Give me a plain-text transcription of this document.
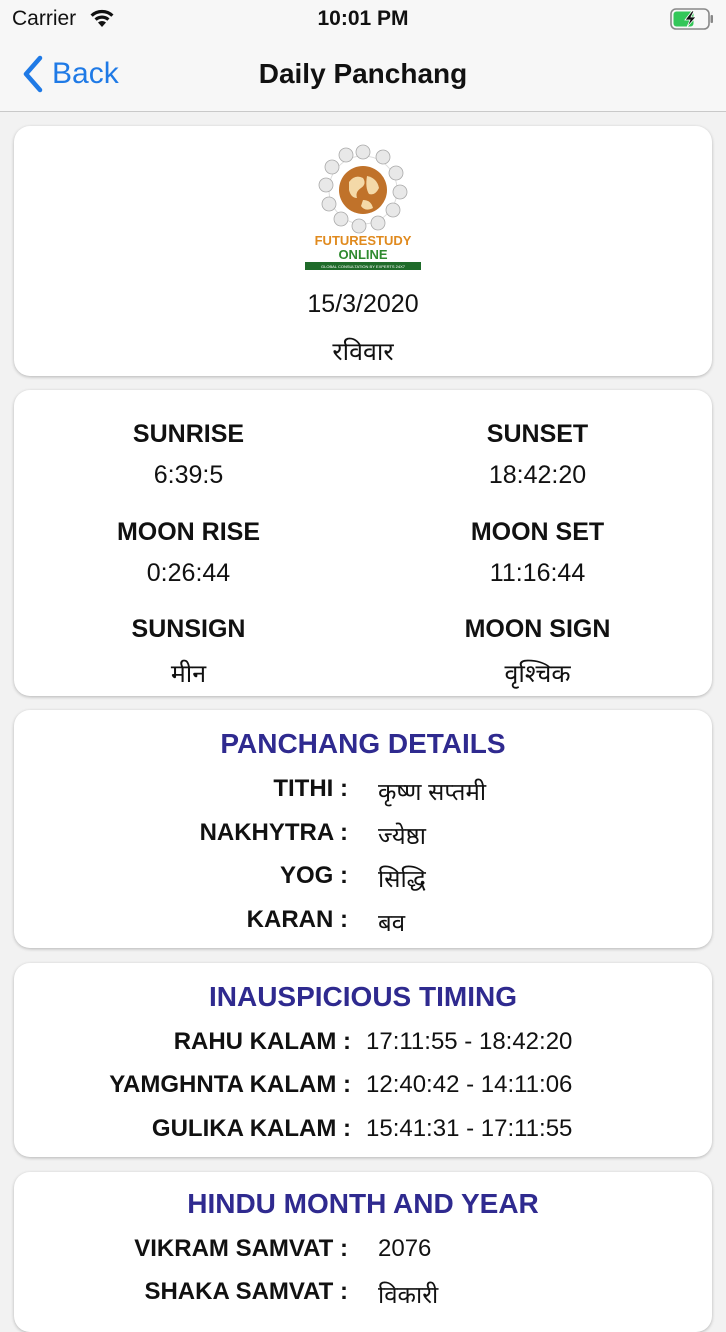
Carrier	10:01 PM
Back	Daily Panchang
FUTURESTUDY
ONLINE
GLOBAL CONSULTATION BY EXPERTS 24X7
15/3/2020
रविवार
SUNRISE
6:39:5
SUNSET
18:42:20
MOON RISE
0:26:44
MOON SET
11:16:44
SUNSIGN
मीन
MOON SIGN
वृश्चिक
PANCHANG DETAILS
TITHI : कृष्ण सप्तमी
NAKHYTRA : ज्येष्ठा
YOG : सिद्धि
KARAN : बव
INAUSPICIOUS TIMING
RAHU KALAM : 17:11:55 - 18:42:20
YAMGHNTA KALAM : 12:40:42 - 14:11:06
GULIKA KALAM : 15:41:31 - 17:11:55
HINDU MONTH AND YEAR
VIKRAM SAMVAT : 2076
SHAKA SAMVAT : विकारी
